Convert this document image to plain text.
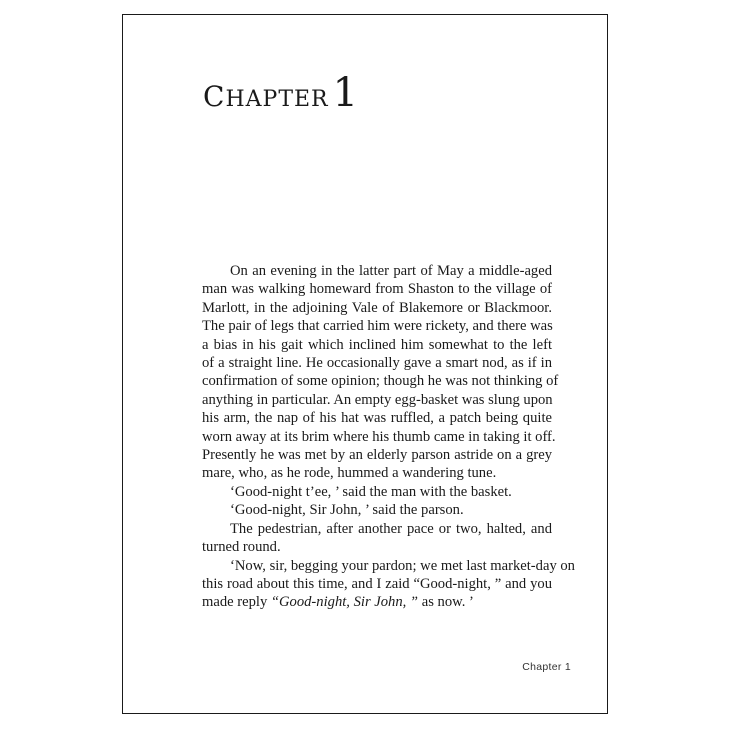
CHAPTER 1
On an evening in the latter part of May a middle-aged
man was walking homeward from Shaston to the village of
Marlott, in the adjoining Vale of Blakemore or Blackmoor.
The pair of legs that carried him were rickety, and there was
a bias in his gait which inclined him somewhat to the left
of a straight line. He occasionally gave a smart nod, as if in
confirmation of some opinion; though he was not thinking of
anything in particular. An empty egg-basket was slung upon
his arm, the nap of his hat was ruffled, a patch being quite
worn away at its brim where his thumb came in taking it off.
Presently he was met by an elderly parson astride on a grey
mare, who, as he rode, hummed a wandering tune.
‘Good-night t’ee, ’ said the man with the basket.
‘Good-night, Sir John, ’ said the parson.
The pedestrian, after another pace or two, halted, and
turned round.
‘Now, sir, begging your pardon; we met last market-day on
this road about this time, and I zaid “Good-night, ” and you
made reply “Good-night, Sir John, ” as now. ’
Chapter 1
